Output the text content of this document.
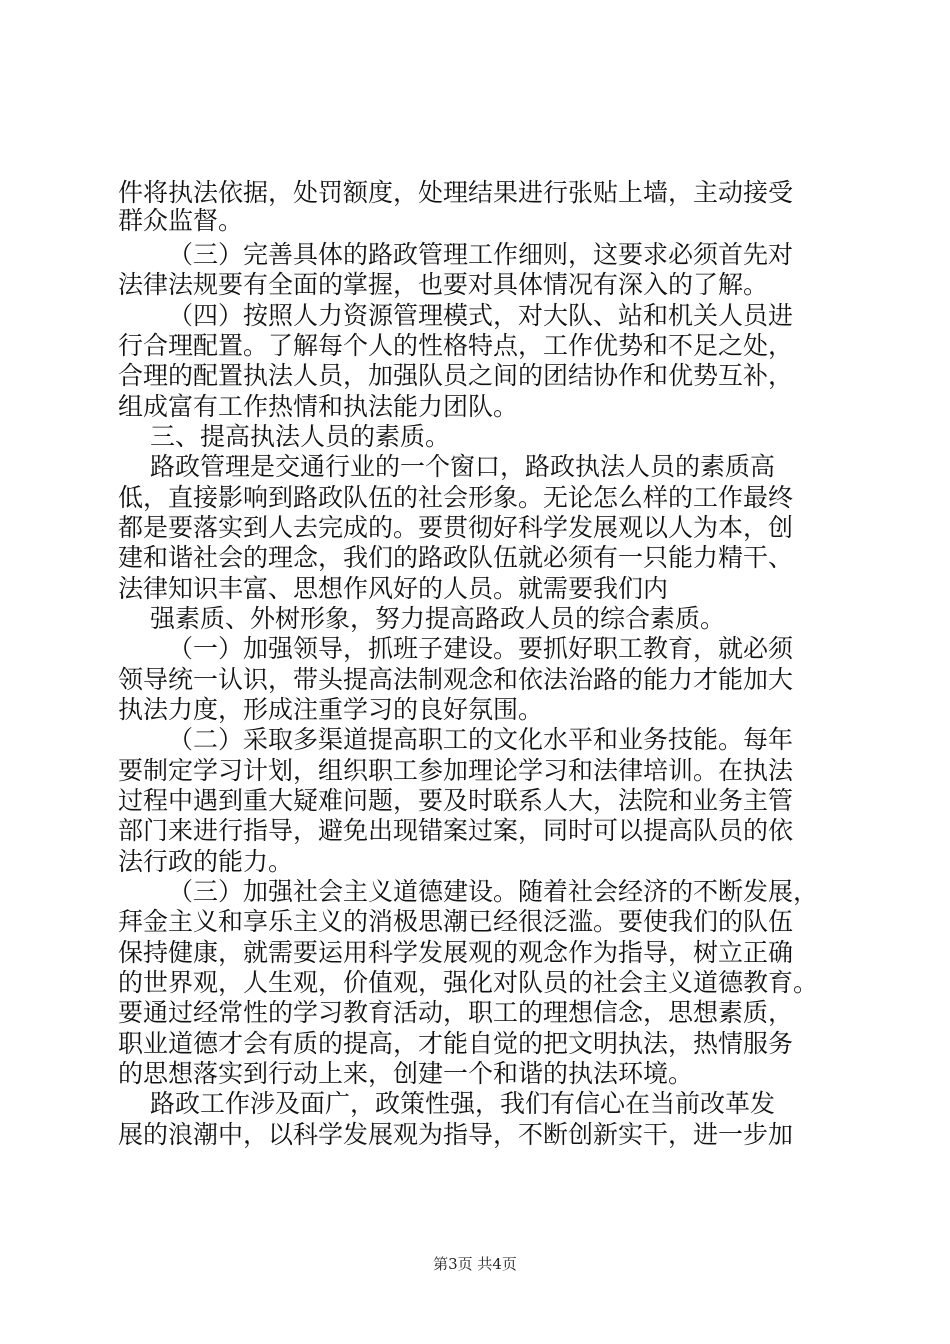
件将执法依据，处罚额度，处理结果进行张贴上墙，主动接受
群众监督。
（三）完善具体的路政管理工作细则，这要求必须首先对
法律法规要有全面的掌握，也要对具体情况有深入的了解。
（四）按照人力资源管理模式，对大队、站和机关人员进
行合理配置。了解每个人的性格特点，工作优势和不足之处，
合理的配置执法人员，加强队员之间的团结协作和优势互补，
组成富有工作热情和执法能力团队。
三、提高执法人员的素质。
路政管理是交通行业的一个窗口，路政执法人员的素质高
低，直接影响到路政队伍的社会形象。无论怎么样的工作最终
都是要落实到人去完成的。要贯彻好科学发展观以人为本，创
建和谐社会的理念，我们的路政队伍就必须有一只能力精干、
法律知识丰富、思想作风好的人员。就需要我们内
强素质、外树形象，努力提高路政人员的综合素质。
（一）加强领导，抓班子建设。要抓好职工教育，就必须
领导统一认识，带头提高法制观念和依法治路的能力才能加大
执法力度，形成注重学习的良好氛围。
（二）采取多渠道提高职工的文化水平和业务技能。每年
要制定学习计划，组织职工参加理论学习和法律培训。在执法
过程中遇到重大疑难问题，要及时联系人大，法院和业务主管
部门来进行指导，避免出现错案过案，同时可以提高队员的依
法行政的能力。
（三）加强社会主义道德建设。随着社会经济的不断发展，
拜金主义和享乐主义的消极思潮已经很泛滥。要使我们的队伍
保持健康，就需要运用科学发展观的观念作为指导，树立正确
的世界观，人生观，价值观，强化对队员的社会主义道德教育。
要通过经常性的学习教育活动，职工的理想信念，思想素质，
职业道德才会有质的提高，才能自觉的把文明执法，热情服务
的思想落实到行动上来，创建一个和谐的执法环境。
路政工作涉及面广，政策性强，我们有信心在当前改革发
展的浪潮中，以科学发展观为指导，不断创新实干，进一步加
第3页 共4页
